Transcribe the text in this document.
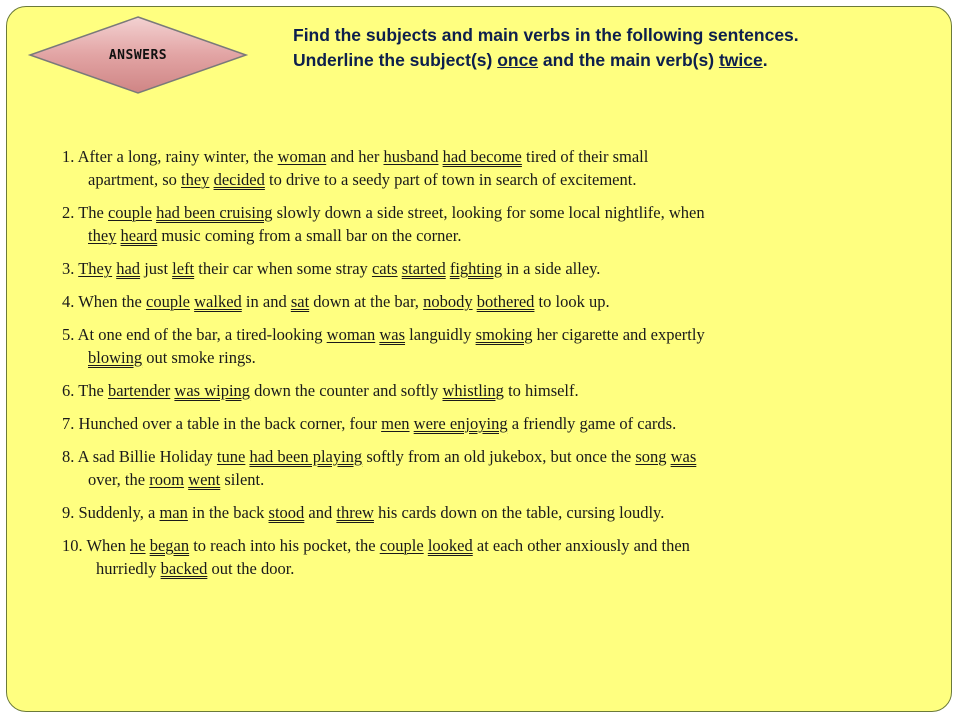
ANSWERS
Find the subjects and main verbs in the following sentences.
Underline the subject(s) once and the main verb(s) twice.
1. After a long, rainy winter, the woman and her husband had become tired of their small
apartment, so they decided to drive to a seedy part of town in search of excitement.
2. The couple had been cruising slowly down a side street, looking for some local nightlife, when
they heard music coming from a small bar on the corner.
3. They had just left their car when some stray cats started fighting in a side alley.
4. When the couple walked in and sat down at the bar, nobody bothered to look up.
5. At one end of the bar, a tired-looking woman was languidly smoking her cigarette and expertly
blowing out smoke rings.
6. The bartender was wiping down the counter and softly whistling to himself.
7. Hunched over a table in the back corner, four men were enjoying a friendly game of cards.
8. A sad Billie Holiday tune had been playing softly from an old jukebox, but once the song was
over, the room went silent.
9. Suddenly, a man in the back stood and threw his cards down on the table, cursing loudly.
10. When he began to reach into his pocket, the couple looked at each other anxiously and then
hurriedly backed out the door.
